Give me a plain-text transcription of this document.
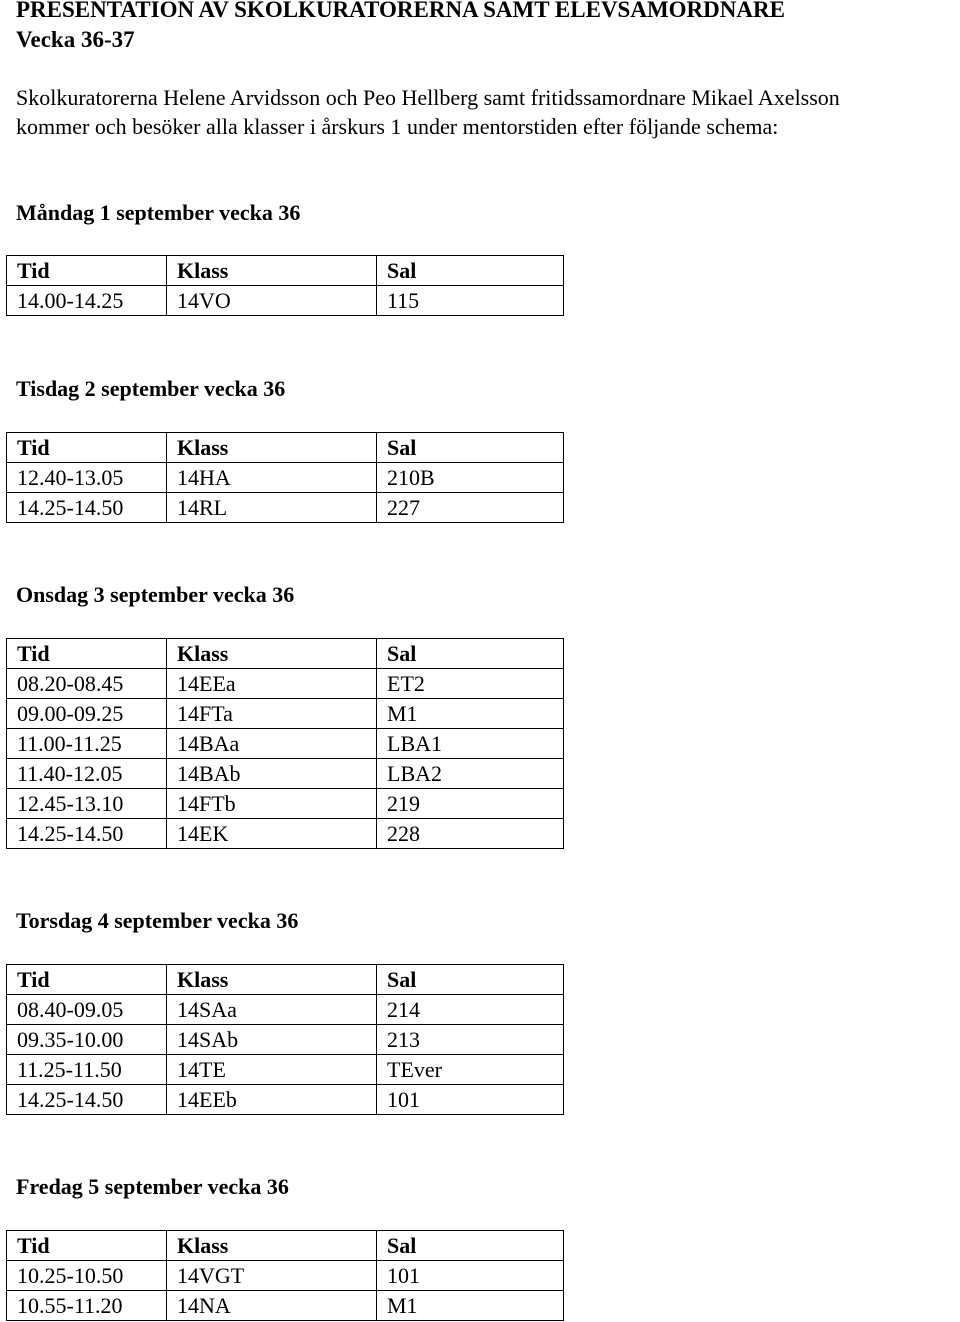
PRESENTATION AV SKOLKURATORERNA SAMT ELEVSAMORDNARE
Vecka 36-37

Skolkuratorerna Helene Arvidsson och Peo Hellberg samt fritidssamordnare Mikael Axelsson

kommer och besöker alla klasser i årskurs 1 under mentorstiden efter följande schema:

Måndag 1 september vecka 36
Tid	Klass	Sal
14.00-14.25	14VO	115
Tisdag 2 september vecka 36
Tid	Klass	Sal
12.40-13.05	14HA	210B
14.25-14.50	14RL	227
Onsdag 3 september vecka 36
Tid	Klass	Sal
08.20-08.45	14EEa	ET2
09.00-09.25	14FTa	M1
11.00-11.25	14BAa	LBA1
11.40-12.05	14BAb	LBA2
12.45-13.10	14FTb	219
14.25-14.50	14EK	228
Torsdag 4 september vecka 36
Tid	Klass	Sal
08.40-09.05	14SAa	214
09.35-10.00	14SAb	213
11.25-11.50	14TE	TEver
14.25-14.50	14EEb	101
Fredag 5 september vecka 36
Tid	Klass	Sal
10.25-10.50	14VGT	101
10.55-11.20	14NA	M1
